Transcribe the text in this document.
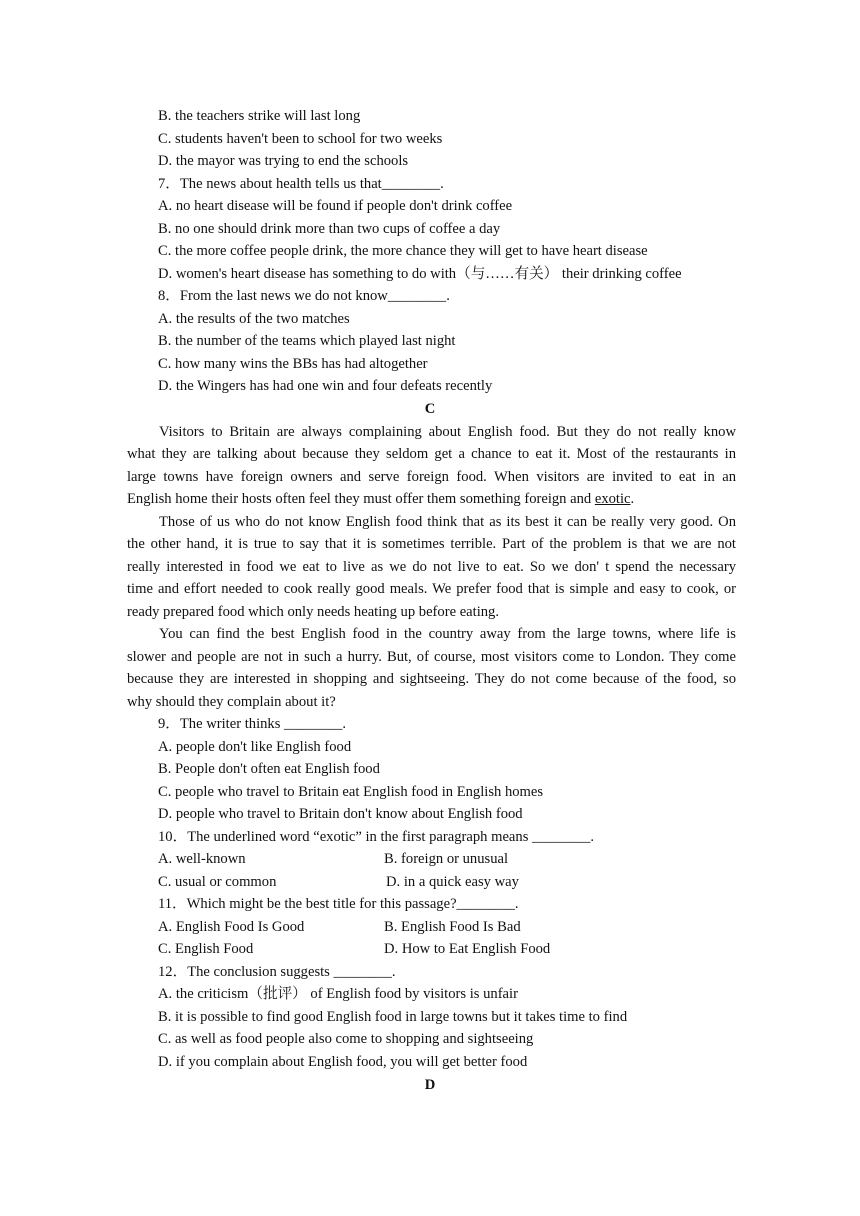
B. the teachers strike will last long
C. students haven't been to school for two weeks
D. the mayor was trying to end the schools
7．The news about health tells us that________.
A. no heart disease will be found if people don't drink coffee
B. no one should drink more than two cups of coffee a day
C. the more coffee people drink, the more chance they will get to have heart disease
D. women's heart disease has something to do with（与……有关） their drinking coffee
8．From the last news we do not know________.
A. the results of the two matches
B. the number of the teams which played last night
C. how many wins the BBs has had altogether
D. the Wingers has had one win and four defeats recently
C
Visitors to Britain are always complaining about English food. But they do not really know
what they are talking about because they seldom get a chance to eat it. Most of the restaurants in
large towns have foreign owners and serve foreign food. When visitors are invited to eat in an
English home their hosts often feel they must offer them something foreign and exotic.
Those of us who do not know English food think that as its best it can be really very good. On
the other hand, it is true to say that it is sometimes terrible. Part of the problem is that we are not
really interested in food we eat to live as we do not live to eat. So we don' t spend the necessary
time and effort needed to cook really good meals. We prefer food that is simple and easy to cook, or
ready prepared food which only needs heating up before eating.
You can find the best English food in the country away from the large towns, where life is
slower and people are not in such a hurry. But, of course, most visitors come to London. They come
because they are interested in shopping and sightseeing. They do not come because of the food, so
why should they complain about it?
9．The writer thinks ________.
A. people don't like English food
B. People don't often eat English food
C. people who travel to Britain eat English food in English homes
D. people who travel to Britain don't know about English food
10．The underlined word “exotic” in the first paragraph means ________.
A. well-known	B. foreign or unusual
C. usual or common	D. in a quick easy way
11．Which might be the best title for this passage?________.
A. English Food Is Good	B. English Food Is Bad
C. English Food	D. How to Eat English Food
12．The conclusion suggests ________.
A. the criticism（批评） of English food by visitors is unfair
B. it is possible to find good English food in large towns but it takes time to find
C. as well as food people also come to shopping and sightseeing
D. if you complain about English food, you will get better food
D
